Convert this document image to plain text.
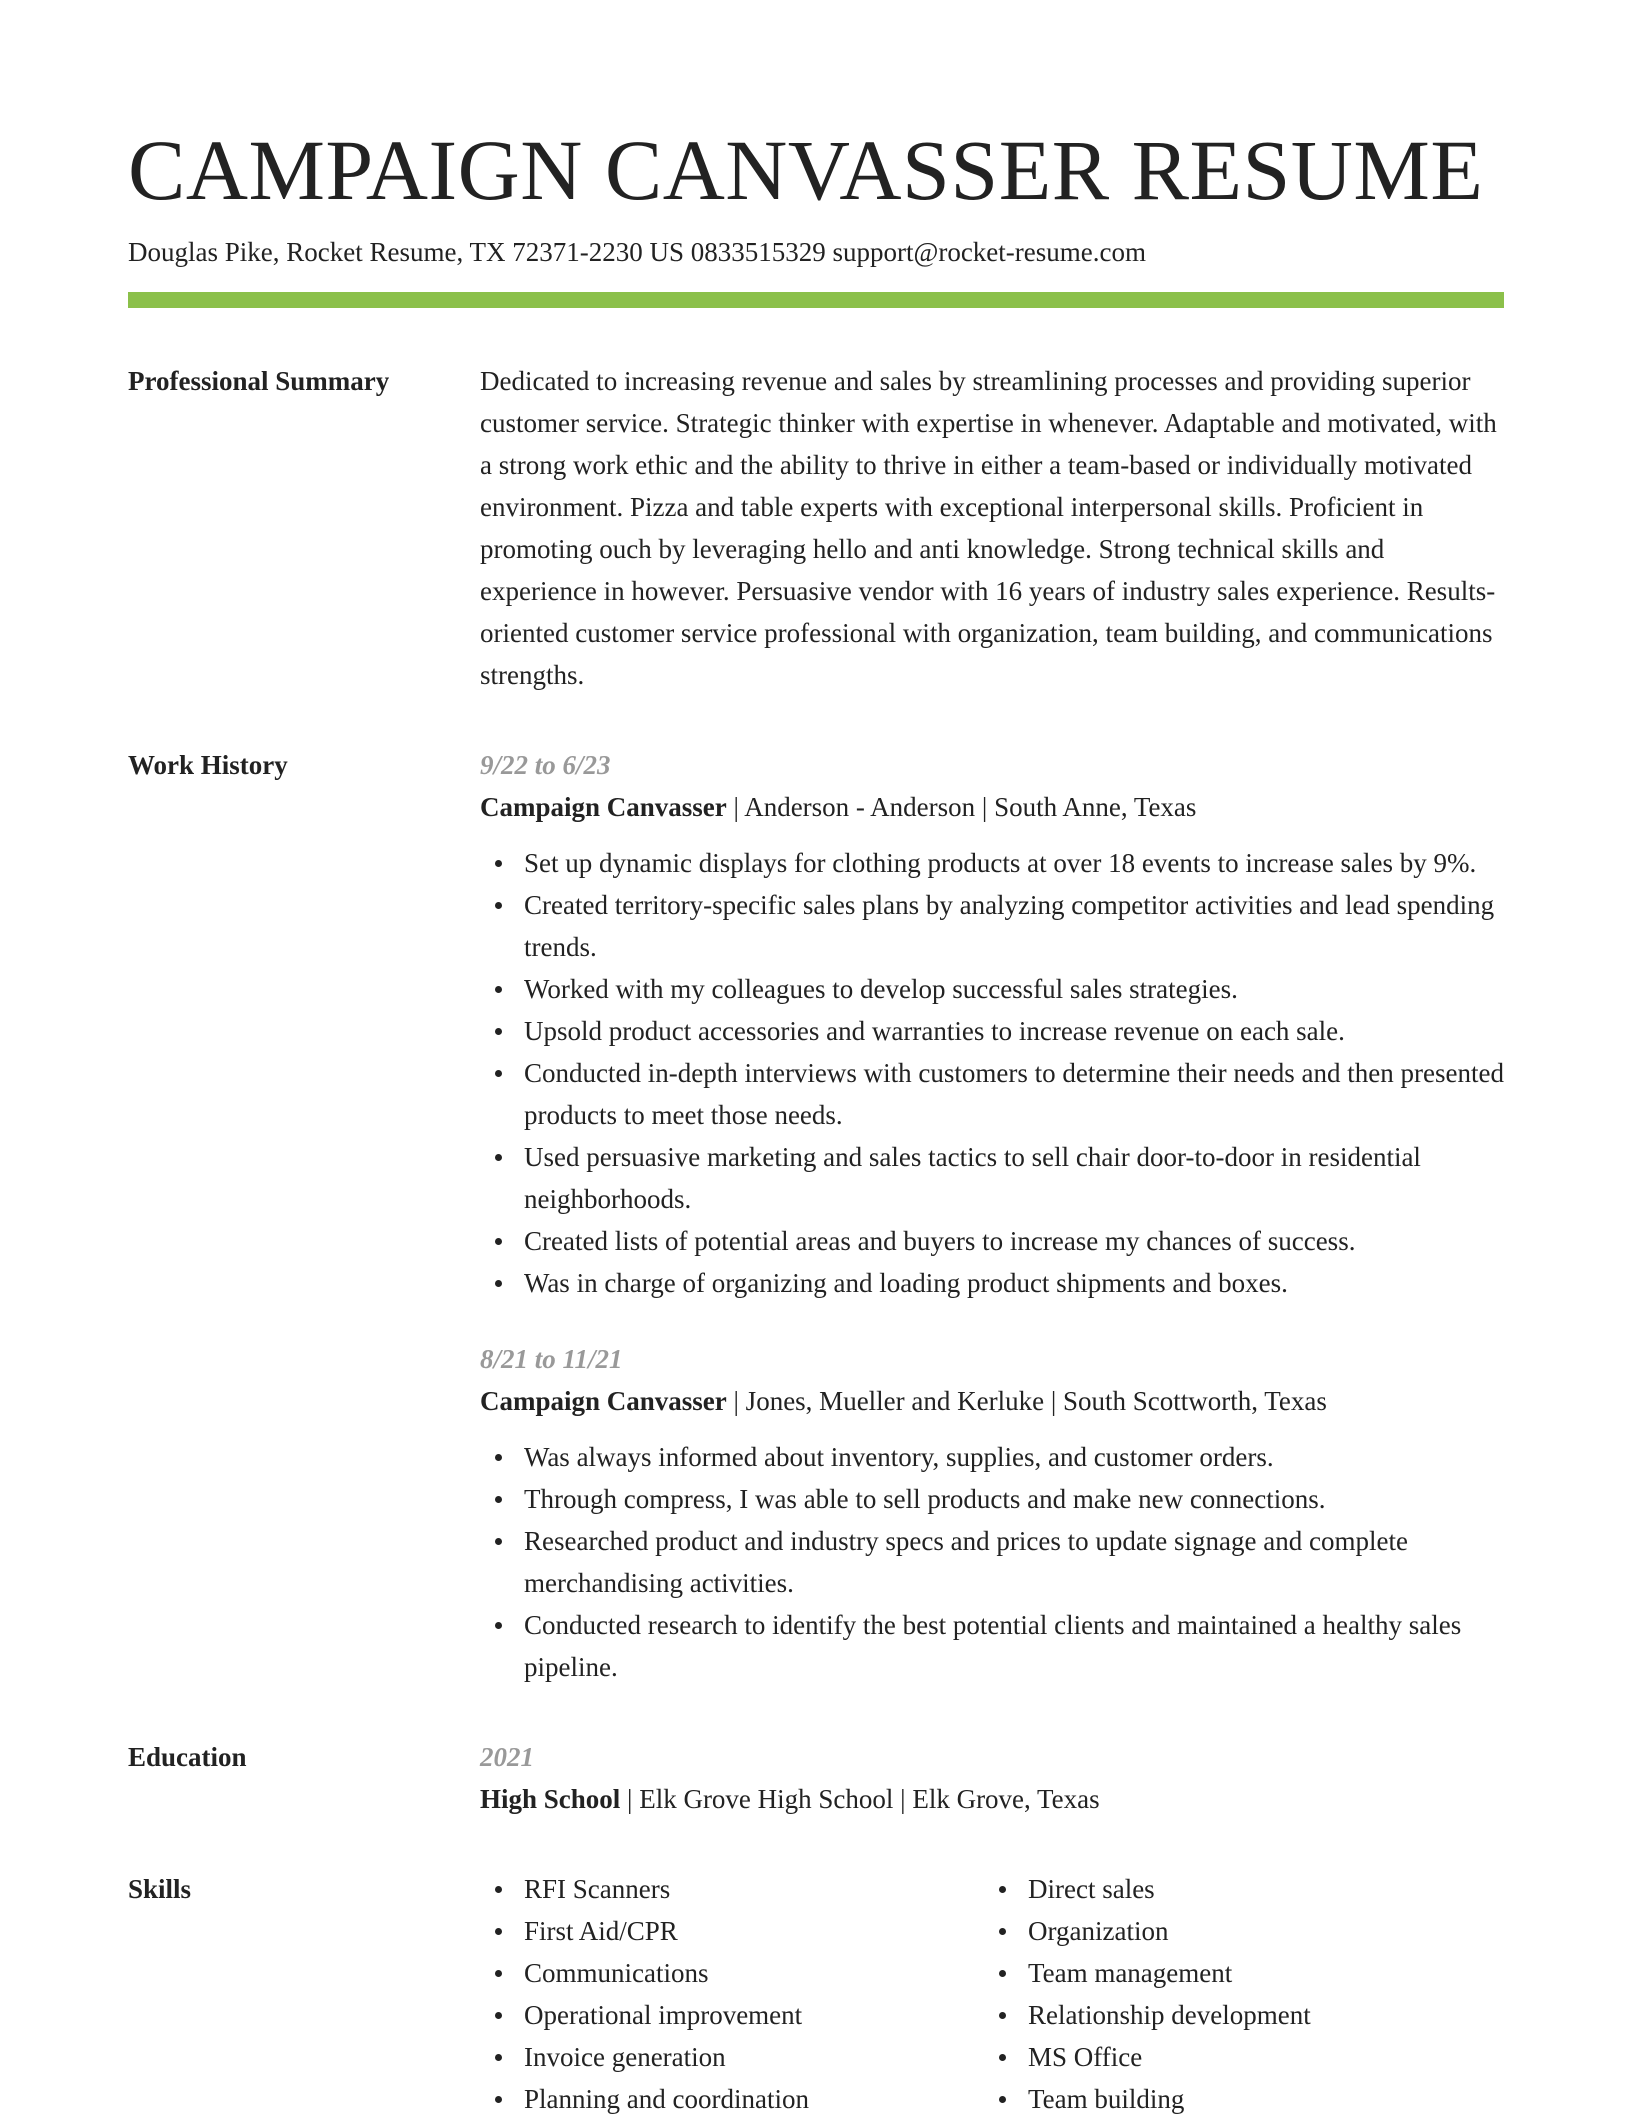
CAMPAIGN CANVASSER RESUME
Douglas Pike, Rocket Resume, TX 72371-2230 US 0833515329 support@rocket-resume.com
Professional Summary	Dedicated to increasing revenue and sales by streamlining processes and providing superior customer service. Strategic thinker with expertise in whenever. Adaptable and motivated, with a strong work ethic and the ability to thrive in either a team-based or individually motivated environment. Pizza and table experts with exceptional interpersonal skills. Proficient in promoting ouch by leveraging hello and anti knowledge. Strong technical skills and experience in however. Persuasive vendor with 16 years of industry sales experience. Results-oriented customer service professional with organization, team building, and communications strengths.

Work History	9/22 to 6/23
Campaign Canvasser | Anderson - Anderson | South Anne, Texas
Set up dynamic displays for clothing products at over 18 events to increase sales by 9%.
Created territory-specific sales plans by analyzing competitor activities and lead spending trends.
Worked with my colleagues to develop successful sales strategies.
Upsold product accessories and warranties to increase revenue on each sale.
Conducted in-depth interviews with customers to determine their needs and then presented products to meet those needs.
Used persuasive marketing and sales tactics to sell chair door-to-door in residential neighborhoods.
Created lists of potential areas and buyers to increase my chances of success.
Was in charge of organizing and loading product shipments and boxes.
8/21 to 11/21
Campaign Canvasser | Jones, Mueller and Kerluke | South Scottworth, Texas
Was always informed about inventory, supplies, and customer orders.
Through compress, I was able to sell products and make new connections.
Researched product and industry specs and prices to update signage and complete merchandising activities.
Conducted research to identify the best potential clients and maintained a healthy sales pipeline.
Education	2021
High School | Elk Grove High School | Elk Grove, Texas
Skills	RFI Scanners
First Aid/CPR
Communications
Operational improvement
Invoice generation
Planning and coordination
Direct sales
Organization
Team management
Relationship development
MS Office
Team building
